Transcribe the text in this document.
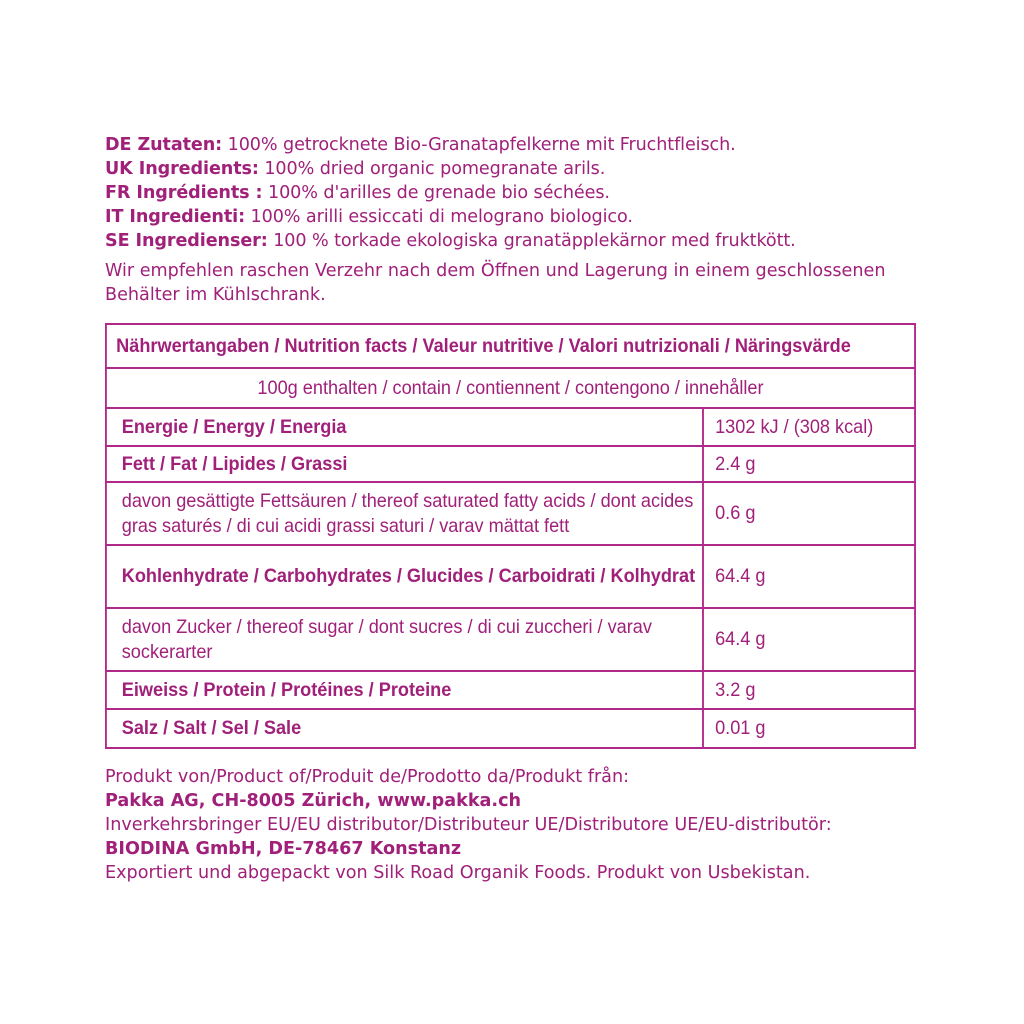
DE Zutaten: 100% getrocknete Bio-Granatapfelkerne mit Fruchtfleisch.
UK Ingredients: 100% dried organic pomegranate arils.
FR Ingrédients : 100% d'arilles de grenade bio séchées.
IT Ingredienti: 100% arilli essiccati di melograno biologico.
SE Ingredienser: 100 % torkade ekologiska granatäpplekärnor med fruktkött.
Wir empfehlen raschen Verzehr nach dem Öffnen und Lagerung in einem geschlossenen Behälter im Kühlschrank.
Nährwertangaben / Nutrition facts / Valeur nutritive / Valori nutrizionali / Näringsvärde	
100g enthalten / contain / contiennent / contengono / innehåller	
Energie / Energy / Energia	1302 kJ / (308 kcal)
Fett / Fat / Lipides / Grassi	2.4 g
davon gesättigte Fettsäuren / thereof saturated fatty acids / dont acides gras saturés / di cui acidi grassi saturi / varav mättat fett	0.6 g
Kohlenhydrate / Carbohydrates / Glucides / Carboidrati / Kolhydrat	64.4 g
davon Zucker / thereof sugar / dont sucres / di cui zuccheri / varav sockerarter	64.4 g
Eiweiss / Protein / Protéines / Proteine	3.2 g
Salz / Salt / Sel / Sale	0.01 g
Produkt von/Product of/Produit de/Prodotto da/Produkt från:
Pakka AG, CH-8005 Zürich, www.pakka.ch
Inverkehrsbringer EU/EU distributor/Distributeur UE/Distributore UE/EU-distributör:
BIODINA GmbH, DE-78467 Konstanz
Exportiert und abgepackt von Silk Road Organik Foods. Produkt von Usbekistan.
